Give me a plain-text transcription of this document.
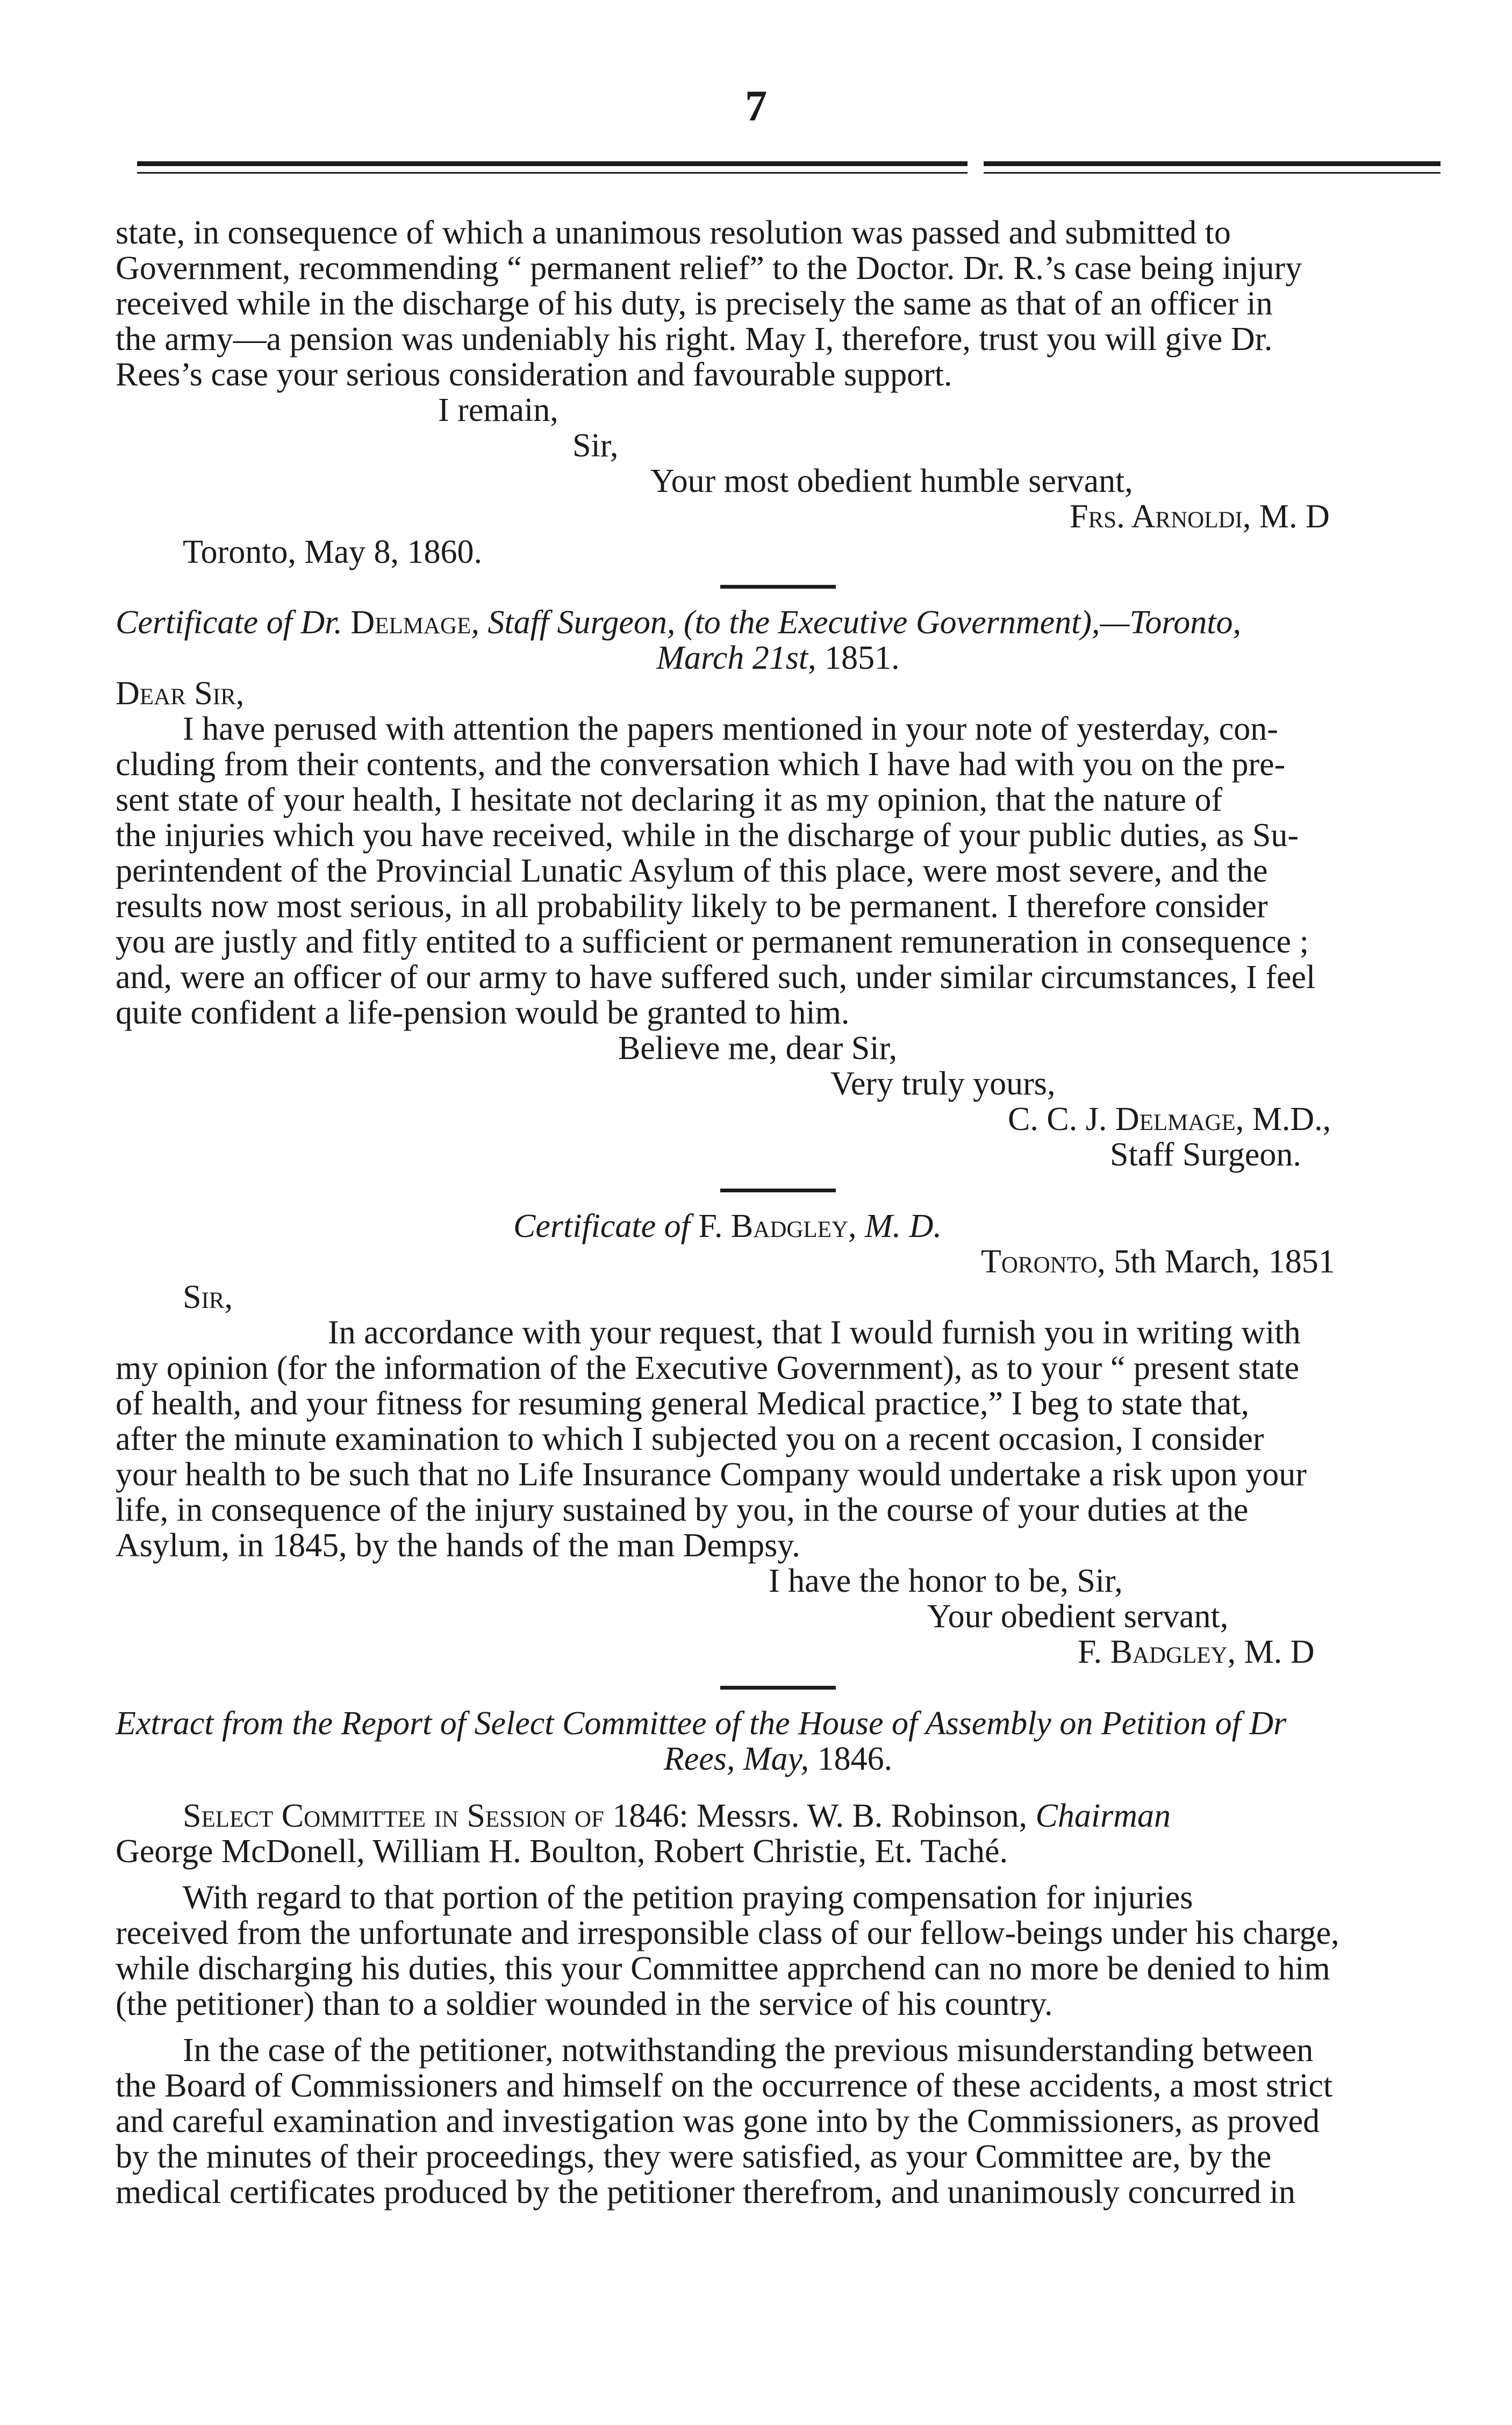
7
state, in consequence of which a unanimous resolution was passed and submitted to
Government, recommending “ permanent relief” to the Doctor. Dr. R.’s case being injury
received while in the discharge of his duty, is precisely the same as that of an officer in
the army—a pension was undeniably his right. May I, therefore, trust you will give Dr.
Rees’s case your serious consideration and favourable support.
I remain,
Sir,
Your most obedient humble servant,
Frs. Arnoldi, M. D
Toronto, May 8, 1860.
Certificate of Dr. Delmage, Staff Surgeon, (to the Executive Government),—Toronto,
March 21st, 1851.
Dear Sir,
I have perused with attention the papers mentioned in your note of yesterday, con-
cluding from their contents, and the conversation which I have had with you on the pre-
sent state of your health, I hesitate not declaring it as my opinion, that the nature of
the injuries which you have received, while in the discharge of your public duties, as Su-
perintendent of the Provincial Lunatic Asylum of this place, were most severe, and the
results now most serious, in all probability likely to be permanent. I therefore consider
you are justly and fitly entited to a sufficient or permanent remuneration in consequence ;
and, were an officer of our army to have suffered such, under similar circumstances, I feel
quite confident a life-pension would be granted to him.
Believe me, dear Sir,
Very truly yours,
C. C. J. Delmage, M.D.,
Staff Surgeon.
Certificate of F. Badgley, M. D.
Toronto, 5th March, 1851
Sir,
In accordance with your request, that I would furnish you in writing with
my opinion (for the information of the Executive Government), as to your “ present state
of health, and your fitness for resuming general Medical practice,” I beg to state that,
after the minute examination to which I subjected you on a recent occasion, I consider
your health to be such that no Life Insurance Company would undertake a risk upon your
life, in consequence of the injury sustained by you, in the course of your duties at the
Asylum, in 1845, by the hands of the man Dempsy.
I have the honor to be, Sir,
Your obedient servant,
F. Badgley, M. D
Extract from the Report of Select Committee of the House of Assembly on Petition of Dr
Rees, May, 1846.
Select Committee in Session of 1846: Messrs. W. B. Robinson, Chairman
George McDonell, William H. Boulton, Robert Christie, Et. Taché.
With regard to that portion of the petition praying compensation for injuries
received from the unfortunate and irresponsible class of our fellow-beings under his charge,
while discharging his duties, this your Committee apprchend can no more be denied to him
(the petitioner) than to a soldier wounded in the service of his country.
In the case of the petitioner, notwithstanding the previous misunderstanding between
the Board of Commissioners and himself on the occurrence of these accidents, a most strict
and careful examination and investigation was gone into by the Commissioners, as proved
by the minutes of their proceedings, they were satisfied, as your Committee are, by the
medical certificates produced by the petitioner therefrom, and unanimously concurred in
